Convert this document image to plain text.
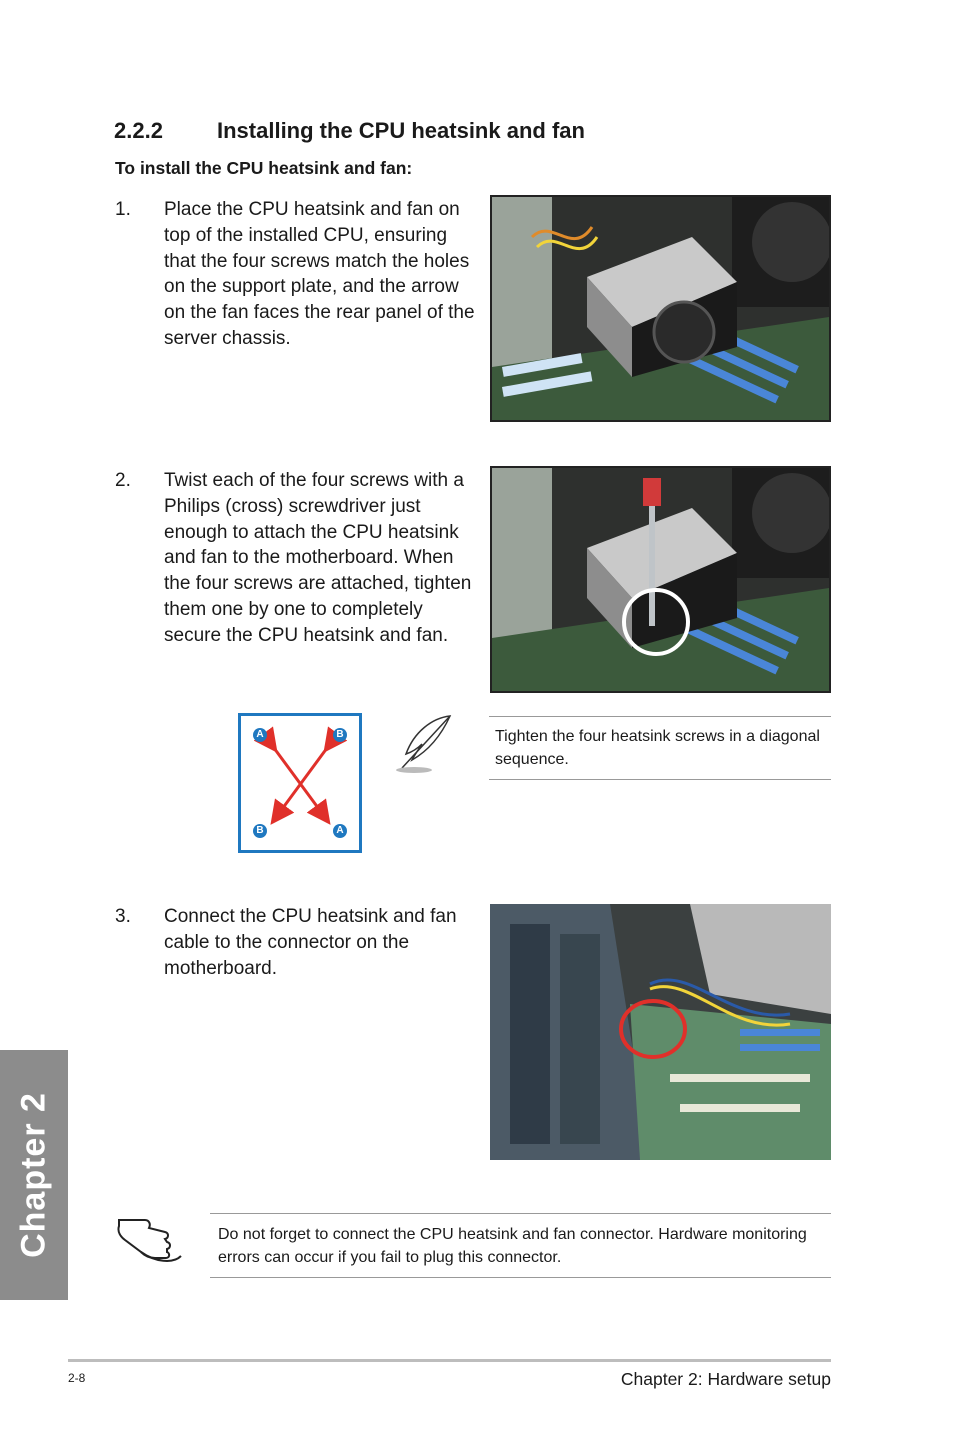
2.2.2 Installing the CPU heatsink and fan
To install the CPU heatsink and fan:
1. Place the CPU heatsink and fan on top of the installed CPU, ensuring that the four screws match the holes on the support plate, and the arrow on the fan faces the rear panel of the server chassis.
2. Twist each of the four screws with a Philips (cross) screwdriver just enough to attach the CPU heatsink and fan to the motherboard. When the four screws are attached, tighten them one by one to completely secure the CPU heatsink and fan.
A	B
B	A
Tighten the four heatsink screws in a diagonal sequence.
3. Connect the CPU heatsink and fan cable to the connector on the motherboard.
Do not forget to connect the CPU heatsink and fan connector. Hardware monitoring errors can occur if you fail to plug this connector.
Chapter 2
2-8	Chapter 2: Hardware setup
